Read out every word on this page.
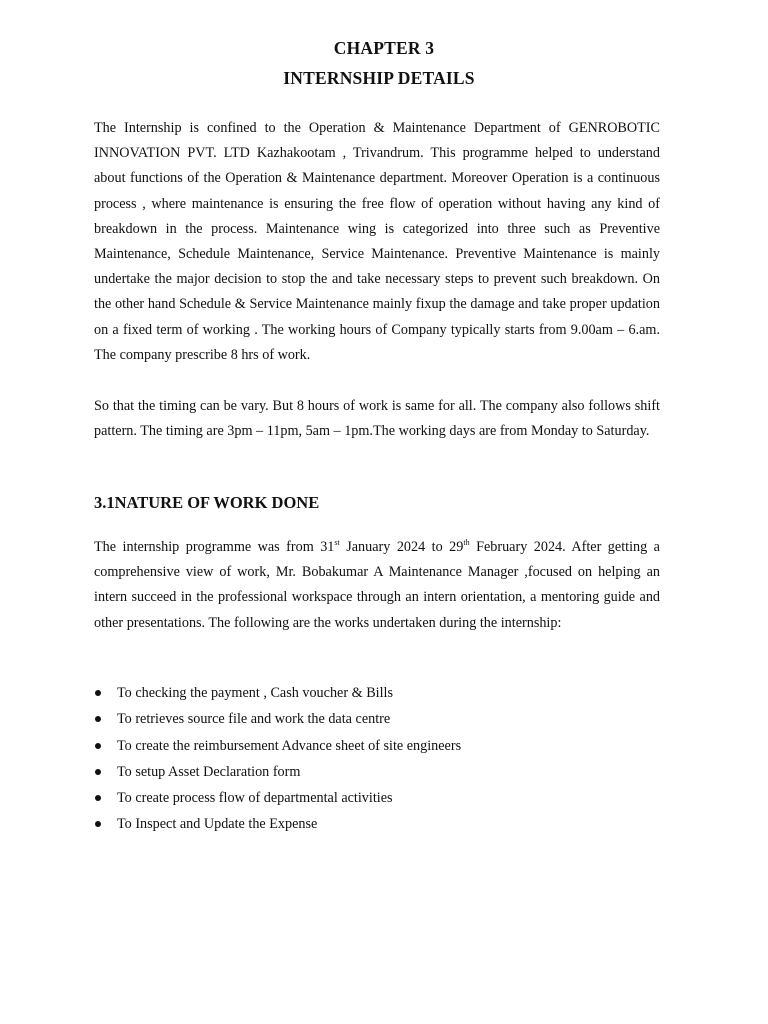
CHAPTER 3
INTERNSHIP DETAILS

The Internship is confined to the Operation & Maintenance Department of GENROBOTIC INNOVATION PVT. LTD Kazhakootam , Trivandrum. This programme helped to understand about functions of the Operation & Maintenance department. Moreover Operation is a continuous process , where maintenance is ensuring the free flow of operation without having any kind of breakdown in the process. Maintenance wing is categorized into three such as Preventive Maintenance, Schedule Maintenance, Service Maintenance. Preventive Maintenance is mainly undertake the major decision to stop the and take necessary steps to prevent such breakdown. On the other hand Schedule & Service Maintenance mainly fixup the damage and take proper updation on a fixed term of working . The working hours of Company typically starts from 9.00am – 6.am. The company prescribe 8 hrs of work.

So that the timing can be vary. But 8 hours of work is same for all. The company also follows shift pattern. The timing are 3pm – 11pm, 5am – 1pm.The working days are from Monday to Saturday.

3.1NATURE OF WORK DONE

The internship programme was from 31st January 2024 to 29th February 2024. After getting a comprehensive view of work, Mr. Bobakumar A Maintenance Manager ,focused on helping an intern succeed in the professional workspace through an intern orientation, a mentoring guide and other presentations. The following are the works undertaken during the internship:

To checking the payment , Cash voucher & Bills
To retrieves source file and work the data centre
To create the reimbursement Advance sheet of site engineers
To setup Asset Declaration form
To create process flow of departmental activities
To Inspect and Update the Expense
